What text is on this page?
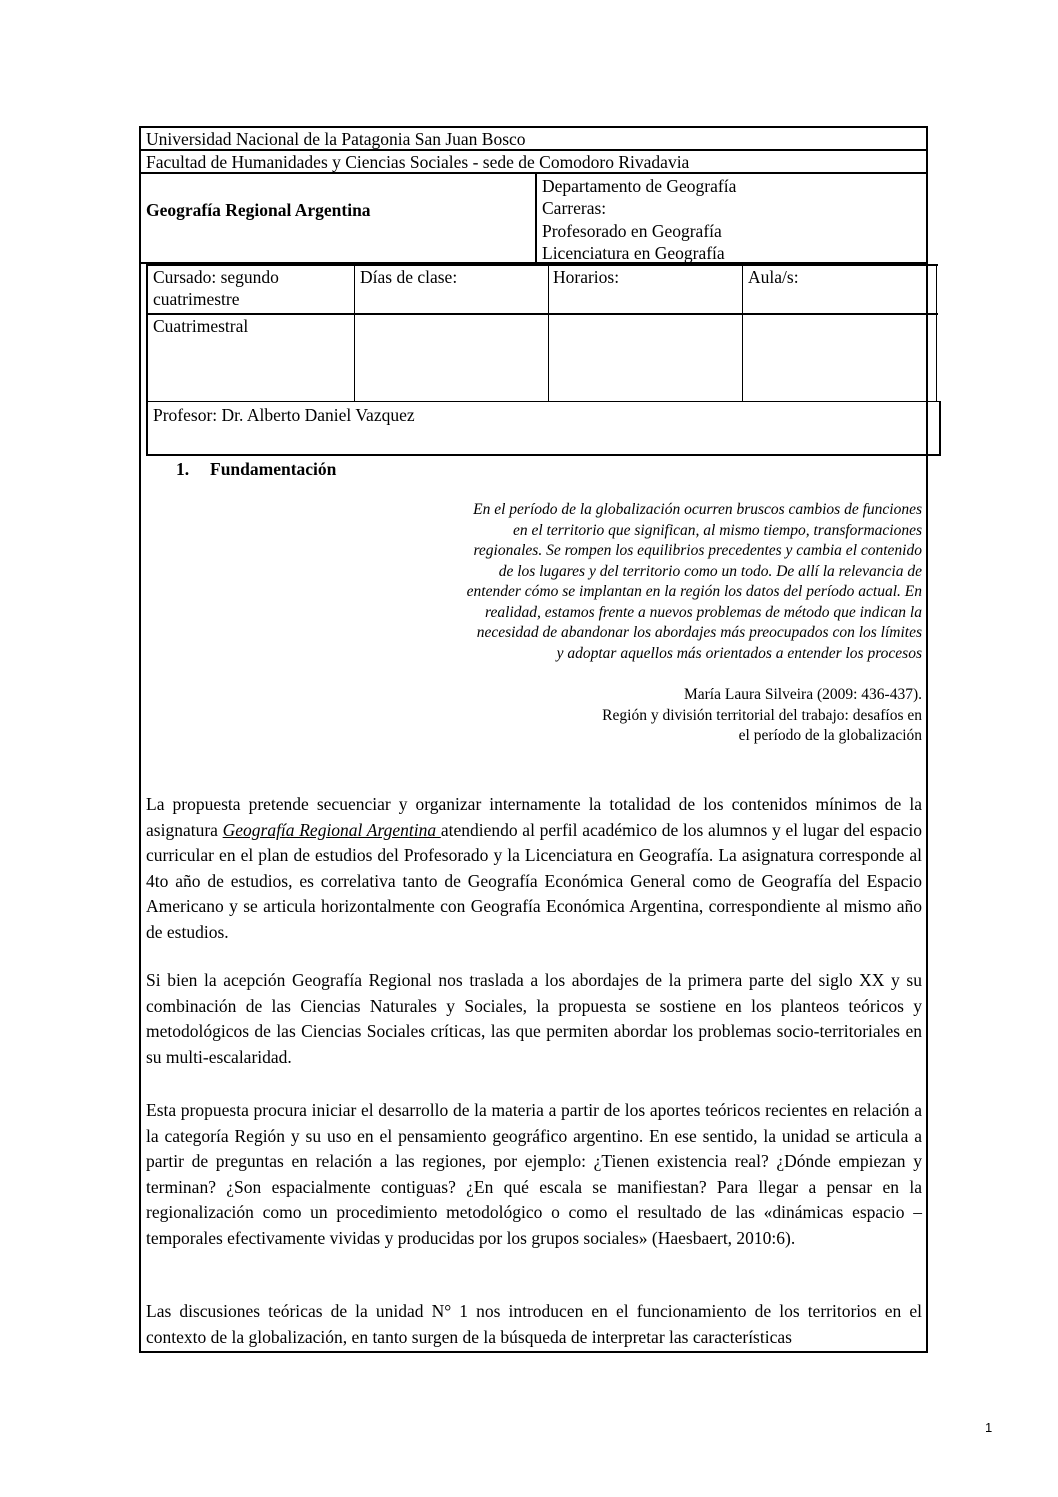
Universidad Nacional de la Patagonia San Juan Bosco
Facultad de Humanidades y Ciencias Sociales - sede de Comodoro Rivadavia
Geografía Regional Argentina
Departamento de Geografía
Carreras:
Profesorado en Geografía
Licenciatura en Geografía
Cursado: segundo
cuatrimestre
Días de clase:	Horarios:	Aula/s:
Cuatrimestral
Profesor: Dr. Alberto Daniel Vazquez
1. Fundamentación
En el período de la globalización ocurren bruscos cambios de funciones
en el territorio que significan, al mismo tiempo, transformaciones
regionales. Se rompen los equilibrios precedentes y cambia el contenido
de los lugares y del territorio como un todo. De allí la relevancia de
entender cómo se implantan en la región los datos del período actual. En
realidad, estamos frente a nuevos problemas de método que indican la
necesidad de abandonar los abordajes más preocupados con los límites
y adoptar aquellos más orientados a entender los procesos
María Laura Silveira (2009: 436-437).
Región y división territorial del trabajo: desafíos en
el período de la globalización
La propuesta pretende secuenciar y organizar internamente la totalidad de los contenidos mínimos de la asignatura Geografía Regional Argentina atendiendo al perfil académico de los alumnos y el lugar del espacio curricular en el plan de estudios del Profesorado y la Licenciatura en Geografía. La asignatura corresponde al 4to año de estudios, es correlativa tanto de Geografía Económica General como de Geografía del Espacio Americano y se articula horizontalmente con Geografía Económica Argentina, correspondiente al mismo año de estudios.
Si bien la acepción Geografía Regional nos traslada a los abordajes de la primera parte del siglo XX y su combinación de las Ciencias Naturales y Sociales, la propuesta se sostiene en los planteos teóricos y metodológicos de las Ciencias Sociales críticas, las que permiten abordar los problemas socio-territoriales en su multi-escalaridad.
Esta propuesta procura iniciar el desarrollo de la materia a partir de los aportes teóricos recientes en relación a la categoría Región y su uso en el pensamiento geográfico argentino. En ese sentido, la unidad se articula a partir de preguntas en relación a las regiones, por ejemplo: ¿Tienen existencia real? ¿Dónde empiezan y terminan? ¿Son espacialmente contiguas? ¿En qué escala se manifiestan? Para llegar a pensar en la regionalización como un procedimiento metodológico o como el resultado de las «dinámicas espacio – temporales efectivamente vividas y producidas por los grupos sociales» (Haesbaert, 2010:6).
Las discusiones teóricas de la unidad N° 1 nos introducen en el funcionamiento de los territorios en el contexto de la globalización, en tanto surgen de la búsqueda de interpretar las características
1
